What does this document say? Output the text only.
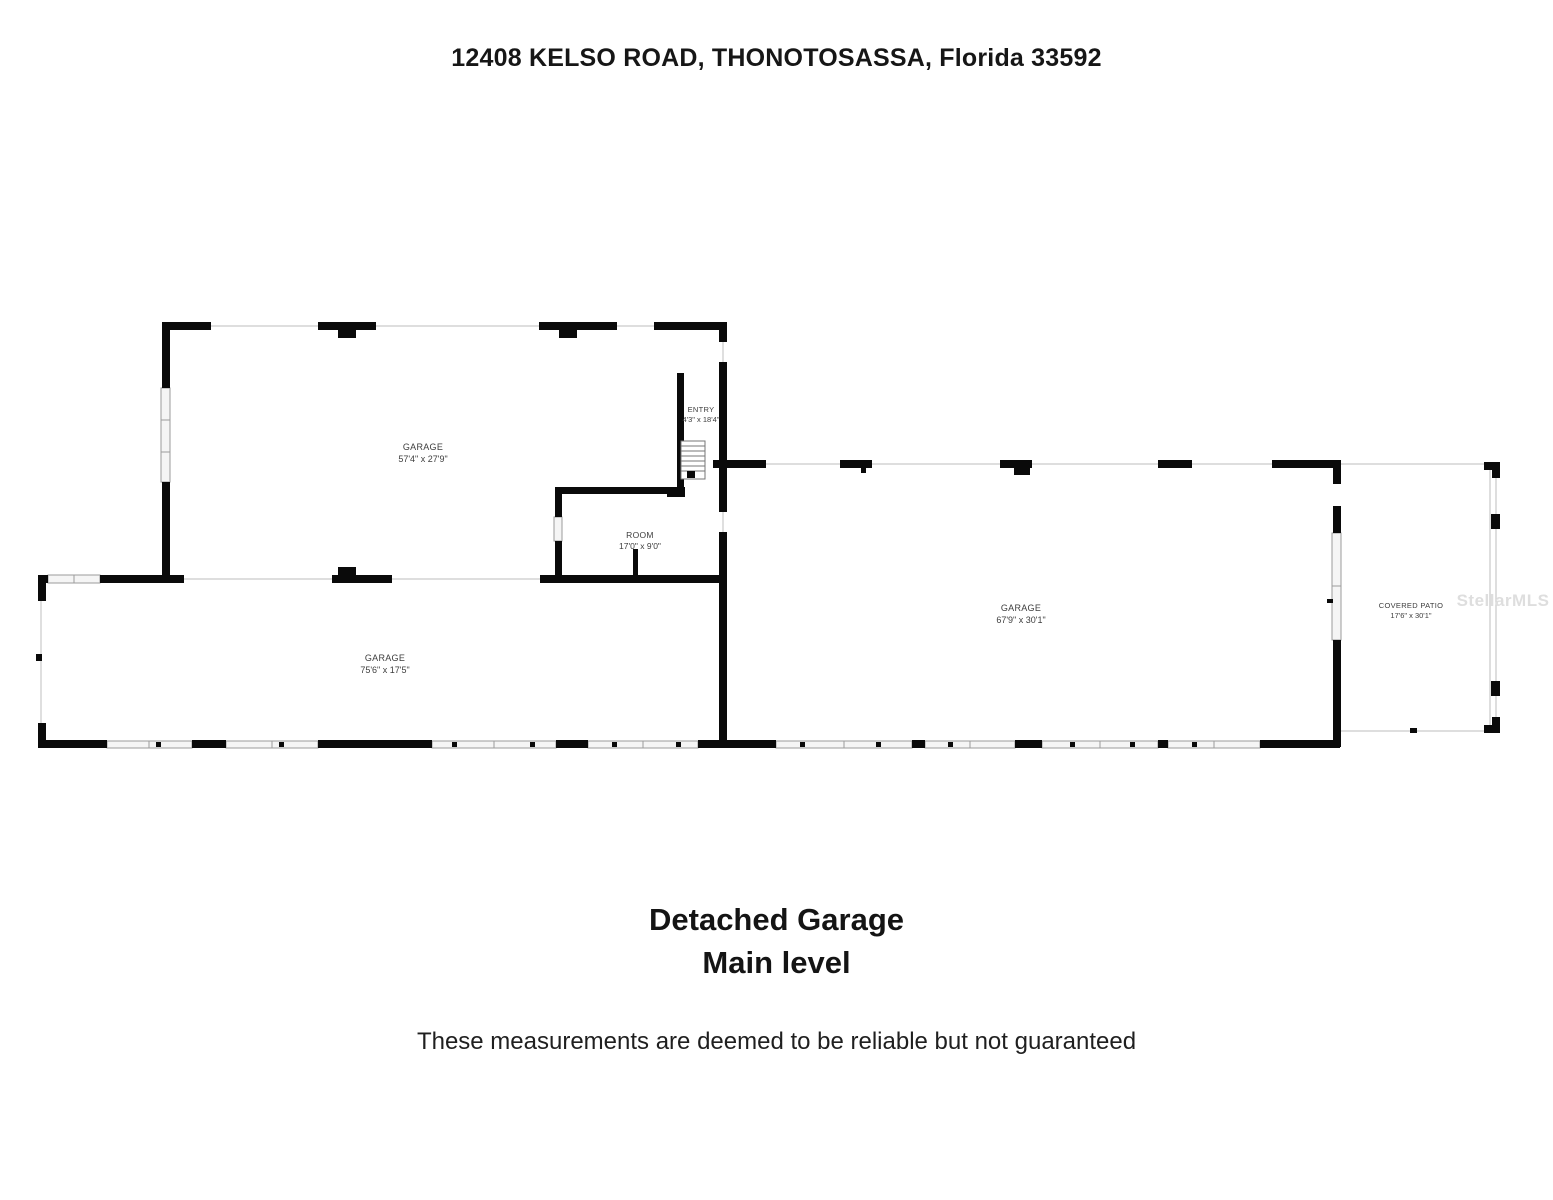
12408 KELSO ROAD, THONOTOSASSA, Florida 33592
GARAGE
57'4" x 27'9"
ENTRY
4'3" x 18'4"
ROOM
17'0" x 9'0"
GARAGE
75'6" x 17'5"
GARAGE
67'9" x 30'1"
COVERED PATIO
17'6" x 30'1"
StellarMLS
Detached Garage
Main level
These measurements are deemed to be reliable but not guaranteed
